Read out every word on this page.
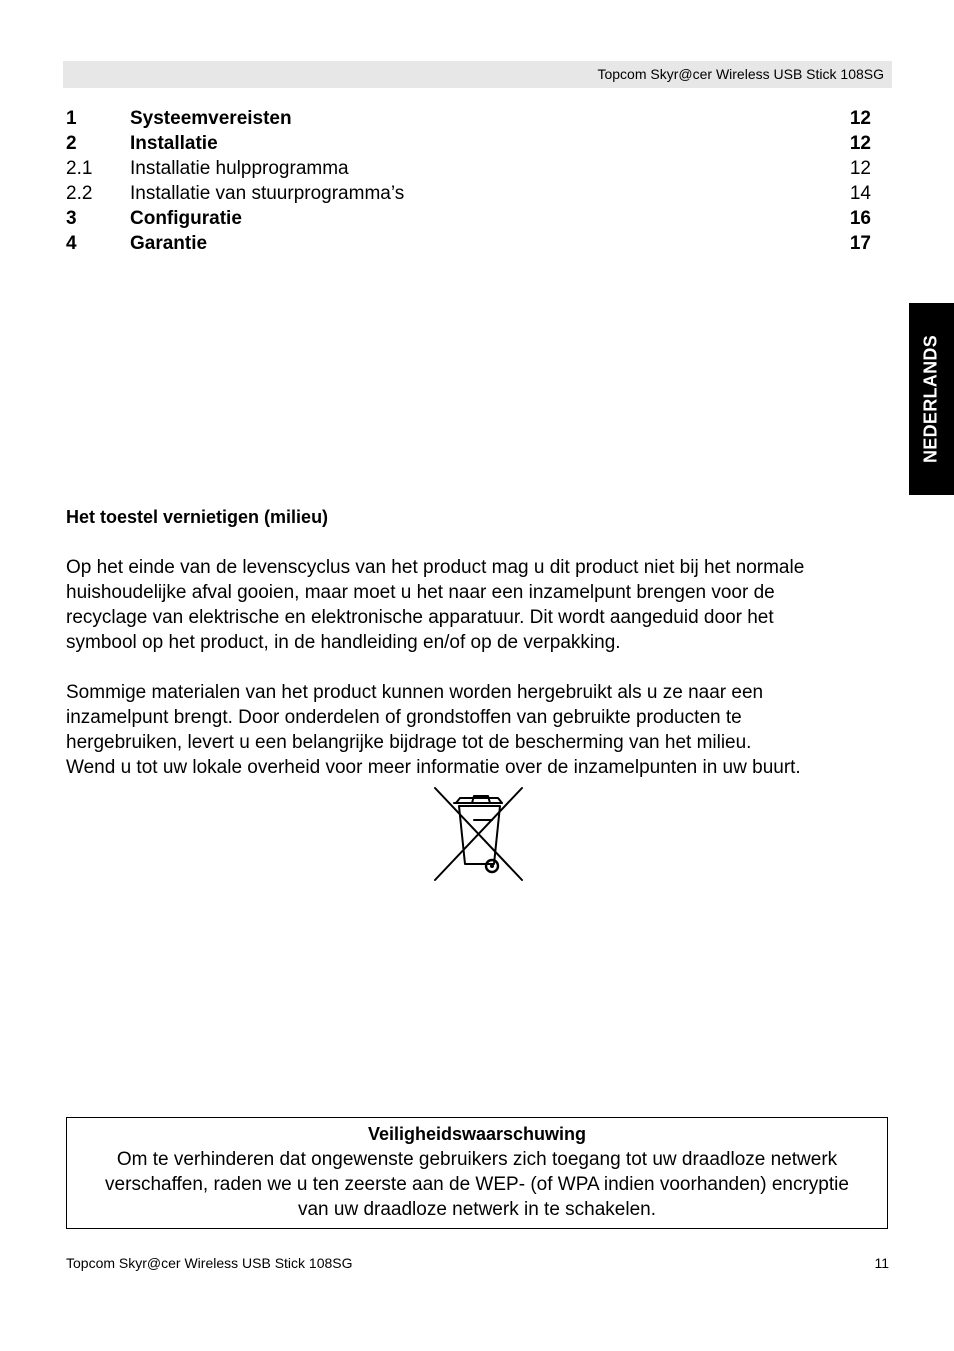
Topcom Skyr@cer Wireless USB Stick 108SG
1	Systeemvereisten	12
2	Installatie	12
2.1 Installatie hulpprogramma	12
2.2 Installatie van stuurprogramma’s	14
3	Configuratie	16
4	Garantie	17
NEDERLANDS
Het toestel vernietigen (milieu)
Op het einde van de levenscyclus van het product mag u dit product niet bij het normale
huishoudelijke afval gooien, maar moet u het naar een inzamelpunt brengen voor de
recyclage van elektrische en elektronische apparatuur. Dit wordt aangeduid door het
symbool op het product, in de handleiding en/of op de verpakking.
Sommige materialen van het product kunnen worden hergebruikt als u ze naar een
inzamelpunt brengt. Door onderdelen of grondstoffen van gebruikte producten te
hergebruiken, levert u een belangrijke bijdrage tot de bescherming van het milieu.
Wend u tot uw lokale overheid voor meer informatie over de inzamelpunten in uw buurt.
Veiligheidswaarschuwing
Om te verhinderen dat ongewenste gebruikers zich toegang tot uw draadloze netwerk
verschaffen, raden we u ten zeerste aan de WEP- (of WPA indien voorhanden) encryptie
van uw draadloze netwerk in te schakelen.
Topcom Skyr@cer Wireless USB Stick 108SG	11
